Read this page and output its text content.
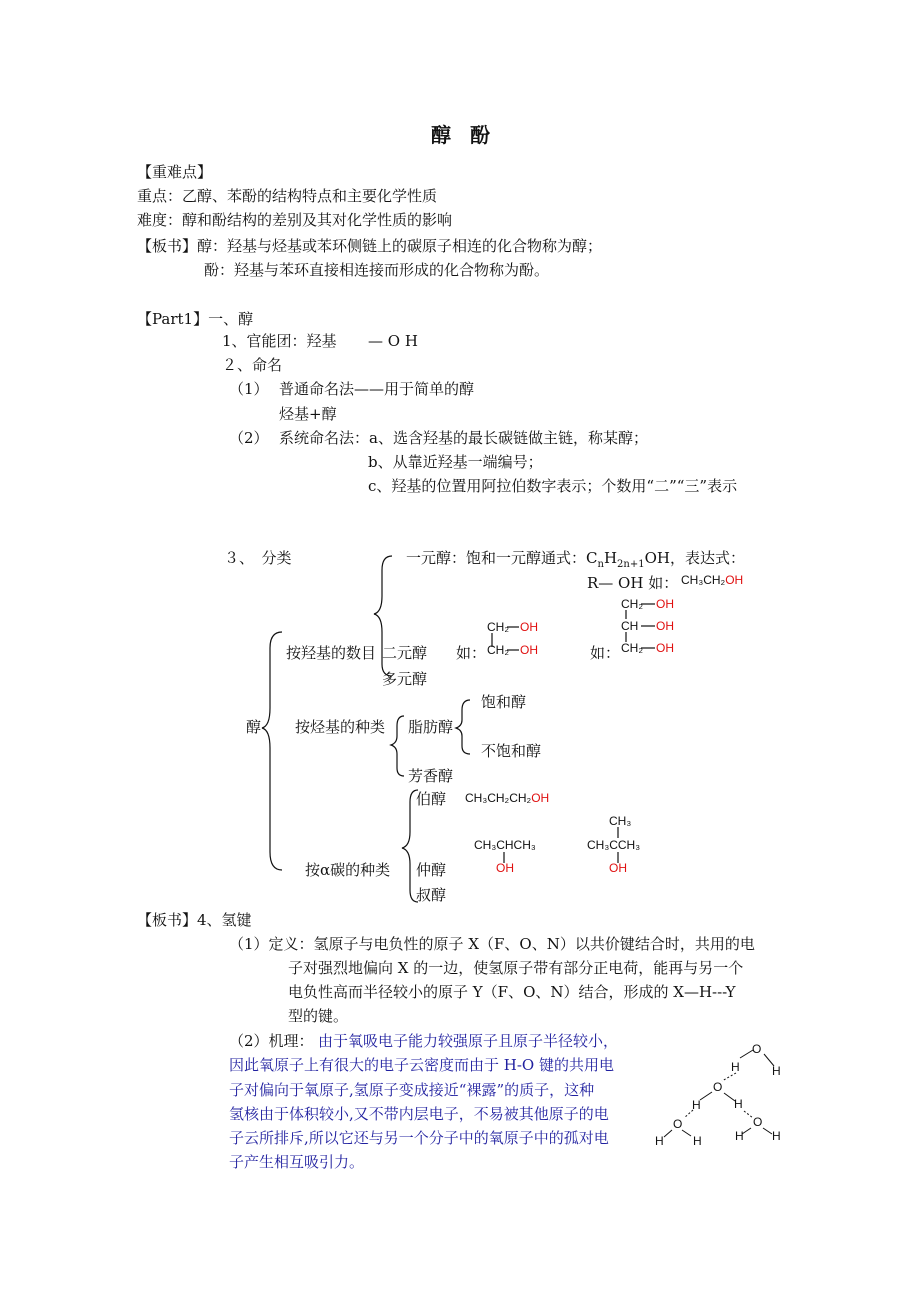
醇 酚
【重难点】
重点：乙醇、苯酚的结构特点和主要化学性质
难度：醇和酚结构的差别及其对化学性质的影响
【板书】醇：羟基与烃基或苯环侧链上的碳原子相连的化合物称为醇；
酚：羟基与苯环直接相连接而形成的化合物称为酚。
【Part1】一、醇
1、官能团：羟基 — O H
２、命名
（1） 普通命名法——用于简单的醇
烃基+醇
（2） 系统命名法：a、选含羟基的最长碳链做主链，称某醇；
b、从靠近羟基一端编号；
c、羟基的位置用阿拉伯数字表示；个数用“二”“三”表示
３、　分类	一元醇：饱和一元醇通式：$C_nH_{2n+1}OH$，表达式：
R— OH 如： CH₃CH₂OH
按羟基的数目 二元醇 如：
CH₂ OH
CH₂ OH	如：
CH₂ OH
CH OH
CH₂ OH
多元醇
醇 按烃基的种类 脂肪醇
饱和醇
不饱和醇
芳香醇
伯醇 CH₃CH₂CH₂OH
CH₃CHCH₃
OH
CH₃
CH₃CCH₃
OH
按α碳的种类 仲醇
叔醇
【板书】4、氢键
（1）定义：氢原子与电负性的原子 X（F、O、N）以共价键结合时，共用的电
子对强烈地偏向 X 的一边，使氢原子带有部分正电荷，能再与另一个
电负性高而半径较小的原子 Y（F、O、N）结合，形成的 X—H---Y
型的键。
（2）机理： 由于氧吸电子能力较强原子且原子半径较小，
因此氧原子上有很大的电子云密度而由于 H-O 键的共用电
子对偏向于氧原子,氢原子变成接近“裸露”的质子，这种
氢核由于体积较小,又不带内层电子，不易被其他原子的电
子云所排斥,所以它还与另一个分子中的氧原子中的孤对电
子产生相互吸引力。
O
H	H
O
H	H
O
H H
O
H H
